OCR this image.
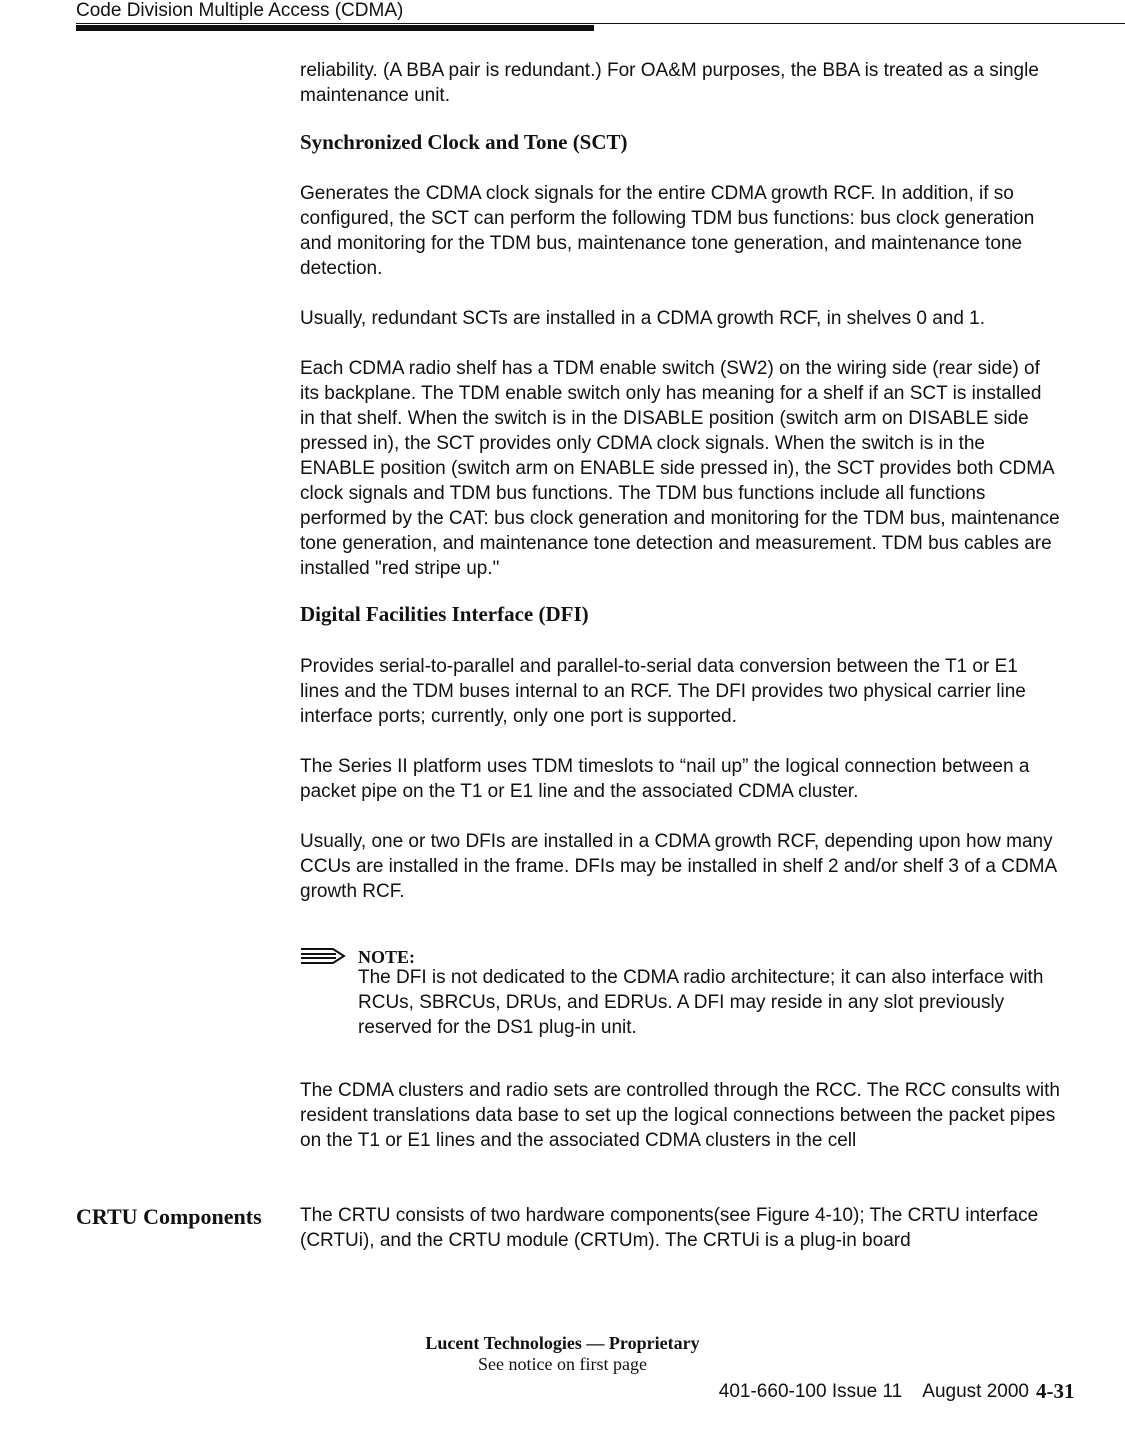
Code Division Multiple Access (CDMA)

reliability. (A BBA pair is redundant.) For OA&M purposes, the BBA is treated as a single maintenance unit.

Synchronized Clock and Tone (SCT)

Generates the CDMA clock signals for the entire CDMA growth RCF. In addition, if so configured, the SCT can perform the following TDM bus functions: bus clock generation and monitoring for the TDM bus, maintenance tone generation, and maintenance tone detection.

Usually, redundant SCTs are installed in a CDMA growth RCF, in shelves 0 and 1.

Each CDMA radio shelf has a TDM enable switch (SW2) on the wiring side (rear side) of its backplane. The TDM enable switch only has meaning for a shelf if an SCT is installed in that shelf. When the switch is in the DISABLE position (switch arm on DISABLE side pressed in), the SCT provides only CDMA clock signals. When the switch is in the ENABLE position (switch arm on ENABLE side pressed in), the SCT provides both CDMA clock signals and TDM bus functions. The TDM bus functions include all functions performed by the CAT: bus clock generation and monitoring for the TDM bus, maintenance tone generation, and maintenance tone detection and measurement. TDM bus cables are installed "red stripe up."

Digital Facilities Interface (DFI)

Provides serial-to-parallel and parallel-to-serial data conversion between the T1 or E1 lines and the TDM buses internal to an RCF. The DFI provides two physical carrier line interface ports; currently, only one port is supported.

The Series II platform uses TDM timeslots to “nail up” the logical connection between a packet pipe on the T1 or E1 line and the associated CDMA cluster.

Usually, one or two DFIs are installed in a CDMA growth RCF, depending upon how many CCUs are installed in the frame. DFIs may be installed in shelf 2 and/or shelf 3 of a CDMA growth RCF.

NOTE:

The DFI is not dedicated to the CDMA radio architecture; it can also interface with RCUs, SBRCUs, DRUs, and EDRUs. A DFI may reside in any slot previously reserved for the DS1 plug-in unit.

The CDMA clusters and radio sets are controlled through the RCC. The RCC consults with resident translations data base to set up the logical connections between the packet pipes on the T1 or E1 lines and the associated CDMA clusters in the cell

CRTU Components	The CRTU consists of two hardware components(see Figure 4-10); The CRTU interface (CRTUi), and the CRTU module (CRTUm). The CRTUi is a plug-in board

Lucent Technologies — Proprietary
See notice on first page
401-660-100 Issue 11    August 2000 4-31
